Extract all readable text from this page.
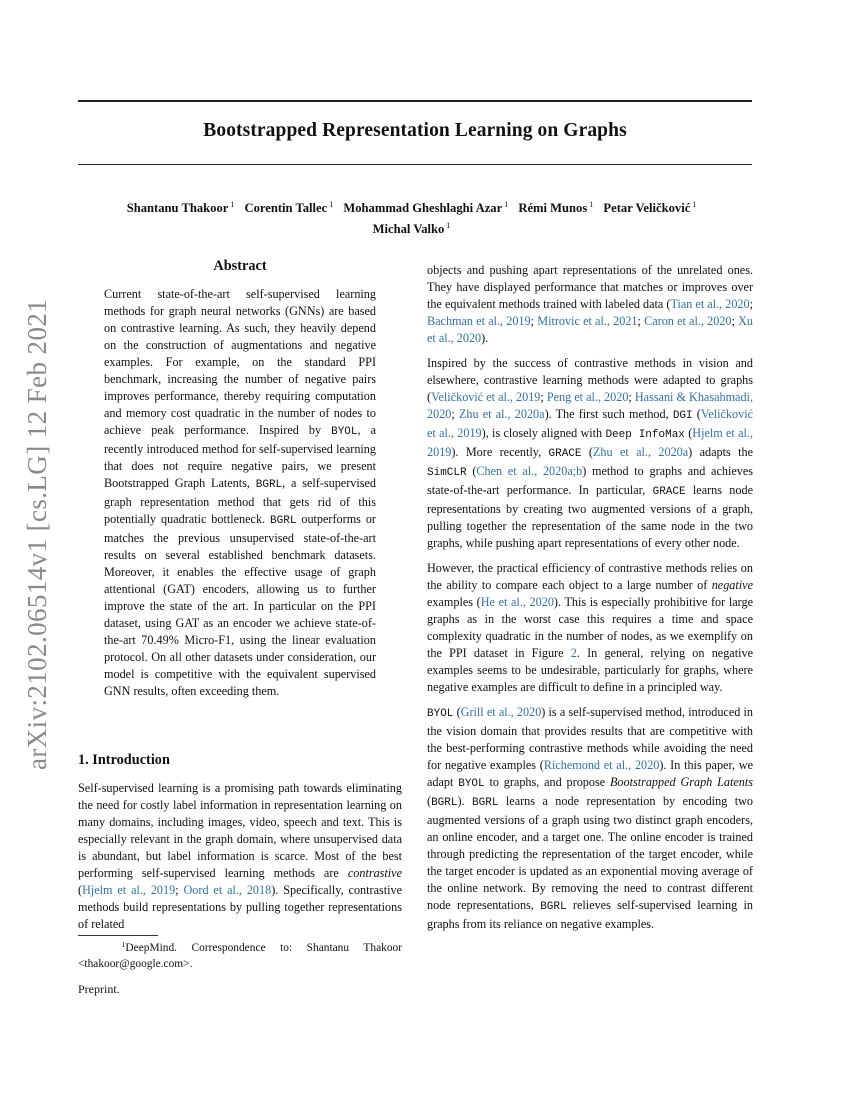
Bootstrapped Representation Learning on Graphs
Shantanu Thakoor $^1$ Corentin Tallec $^1$ Mohammad Gheshlaghi Azar $^1$ Rémi Munos $^1$ Petar Veličković $^1$
Michal Valko $^1$
arXiv:2102.06514v1 [cs.LG] 12 Feb 2021
Abstract
Current state-of-the-art self-supervised learning methods for graph neural networks (GNNs) are based on contrastive learning. As such, they heavily depend on the construction of augmentations and negative examples. For example, on the standard PPI benchmark, increasing the number of negative pairs improves performance, thereby requiring computation and memory cost quadratic in the number of nodes to achieve peak performance. Inspired by BYOL, a recently introduced method for self-supervised learning that does not require negative pairs, we present Bootstrapped Graph Latents, BGRL, a self-supervised graph representation method that gets rid of this potentially quadratic bottleneck. BGRL outperforms or matches the previous unsupervised state-of-the-art results on several established benchmark datasets. Moreover, it enables the effective usage of graph attentional (GAT) encoders, allowing us to further improve the state of the art. In particular on the PPI dataset, using GAT as an encoder we achieve state-of-the-art 70.49% Micro-F1, using the linear evaluation protocol. On all other datasets under consideration, our model is competitive with the equivalent supervised GNN results, often exceeding them.
1. Introduction
Self-supervised learning is a promising path towards eliminating the need for costly label information in representation learning on many domains, including images, video, speech and text. This is especially relevant in the graph domain, where unsupervised data is abundant, but label information is scarce. Most of the best performing self-supervised learning methods are contrastive (Hjelm et al., 2019; Oord et al., 2018). Specifically, contrastive methods build representations by pulling together representations of related
$^1$DeepMind. Correspondence to: Shantanu Thakoor <thakoor@google.com>.
Preprint.

objects and pushing apart representations of the unrelated ones. They have displayed performance that matches or improves over the equivalent methods trained with labeled data (Tian et al., 2020; Bachman et al., 2019; Mitrovic et al., 2021; Caron et al., 2020; Xu et al., 2020).

Inspired by the success of contrastive methods in vision and elsewhere, contrastive learning methods were adapted to graphs (Veličković et al., 2019; Peng et al., 2020; Hassani & Khasahmadi, 2020; Zhu et al., 2020a). The first such method, DGI (Veličković et al., 2019), is closely aligned with Deep InfoMax (Hjelm et al., 2019). More recently, GRACE (Zhu et al., 2020a) adapts the SimCLR (Chen et al., 2020a;b) method to graphs and achieves state-of-the-art performance. In particular, GRACE learns node representations by creating two augmented versions of a graph, pulling together the representation of the same node in the two graphs, while pushing apart representations of every other node.

However, the practical efficiency of contrastive methods relies on the ability to compare each object to a large number of negative examples (He et al., 2020). This is especially prohibitive for large graphs as in the worst case this requires a time and space complexity quadratic in the number of nodes, as we exemplify on the PPI dataset in Figure 2. In general, relying on negative examples seems to be undesirable, particularly for graphs, where negative examples are difficult to define in a principled way.

BYOL (Grill et al., 2020) is a self-supervised method, introduced in the vision domain that provides results that are competitive with the best-performing contrastive methods while avoiding the need for negative examples (Richemond et al., 2020). In this paper, we adapt BYOL to graphs, and propose Bootstrapped Graph Latents (BGRL). BGRL learns a node representation by encoding two augmented versions of a graph using two distinct graph encoders, an online encoder, and a target one. The online encoder is trained through predicting the representation of the target encoder, while the target encoder is updated as an exponential moving average of the online network. By removing the need to contrast different node representations, BGRL relieves self-supervised learning in graphs from its reliance on negative examples.
